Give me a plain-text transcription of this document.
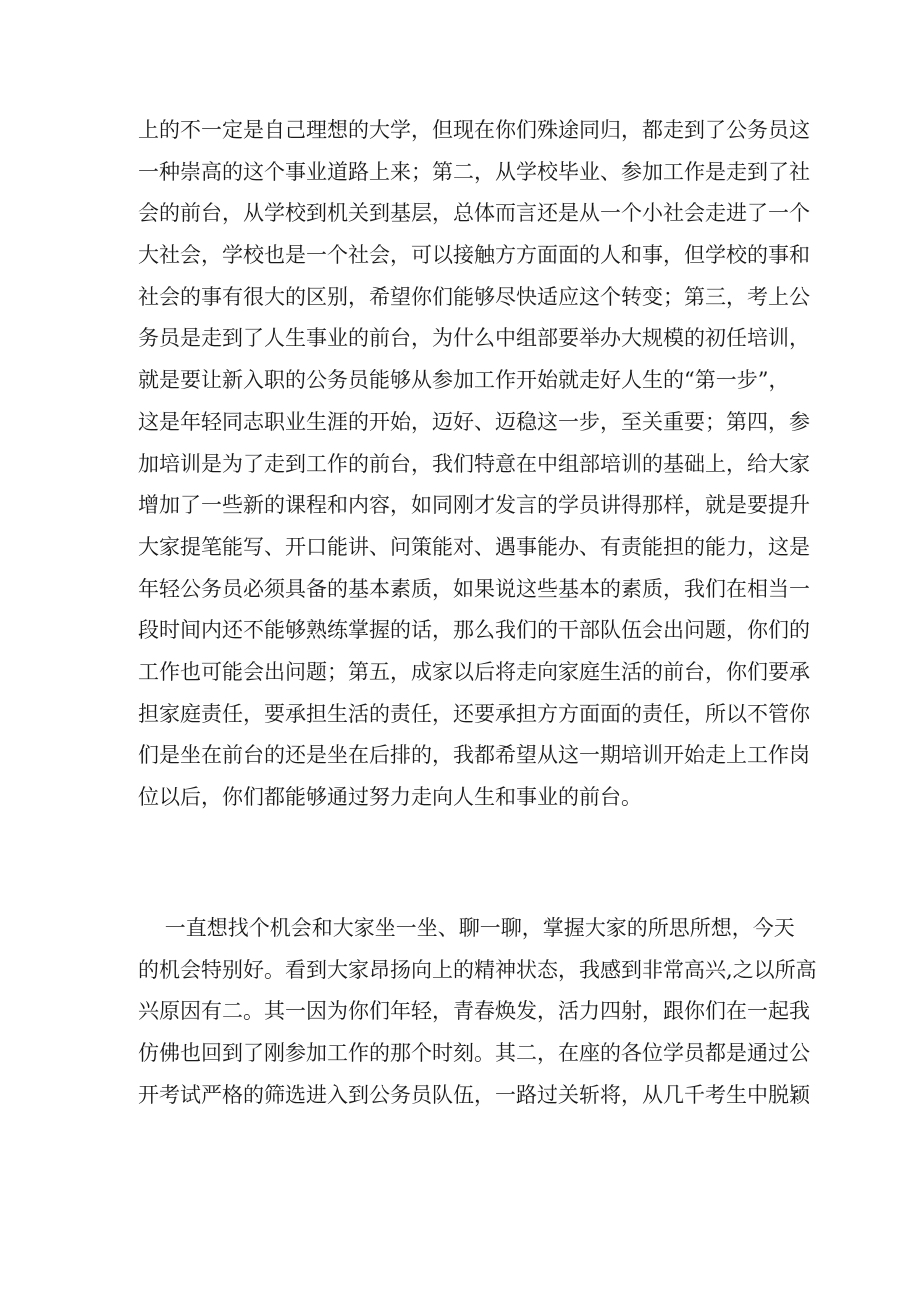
上的不一定是自己理想的大学，但现在你们殊途同归，都走到了公务员这
一种崇高的这个事业道路上来；第二，从学校毕业、参加工作是走到了社
会的前台，从学校到机关到基层，总体而言还是从一个小社会走进了一个
大社会，学校也是一个社会，可以接触方方面面的人和事，但学校的事和
社会的事有很大的区别，希望你们能够尽快适应这个转变；第三，考上公
务员是走到了人生事业的前台，为什么中组部要举办大规模的初任培训，
就是要让新入职的公务员能够从参加工作开始就走好人生的“第一步”，
这是年轻同志职业生涯的开始，迈好、迈稳这一步，至关重要；第四，参
加培训是为了走到工作的前台，我们特意在中组部培训的基础上，给大家
增加了一些新的课程和内容，如同刚才发言的学员讲得那样，就是要提升
大家提笔能写、开口能讲、问策能对、遇事能办、有责能担的能力，这是
年轻公务员必须具备的基本素质，如果说这些基本的素质，我们在相当一
段时间内还不能够熟练掌握的话，那么我们的干部队伍会出问题，你们的
工作也可能会出问题；第五，成家以后将走向家庭生活的前台，你们要承
担家庭责任，要承担生活的责任，还要承担方方面面的责任，所以不管你
们是坐在前台的还是坐在后排的，我都希望从这一期培训开始走上工作岗
位以后，你们都能够通过努力走向人生和事业的前台。
一直想找个机会和大家坐一坐、聊一聊，掌握大家的所思所想，今天
的机会特别好。看到大家昂扬向上的精神状态，我感到非常高兴,之以所高
兴原因有二。其一因为你们年轻，青春焕发，活力四射，跟你们在一起我
仿佛也回到了刚参加工作的那个时刻。其二，在座的各位学员都是通过公
开考试严格的筛选进入到公务员队伍，一路过关斩将，从几千考生中脱颖
